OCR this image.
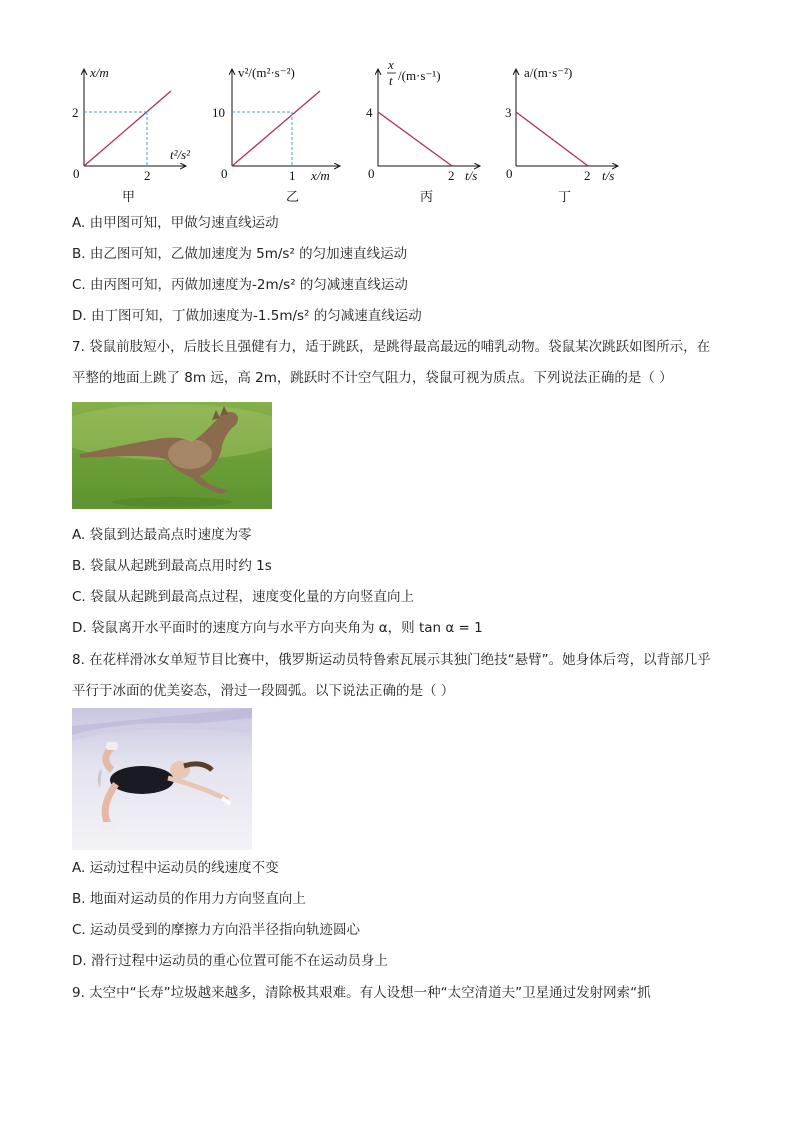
x/m
2
0	2
t²/s²
甲
v²/(m²·s⁻²)
10
0	1 x/m
乙
x
t /(m·s⁻¹)
4
0	2 t/s
丙
a/(m·s⁻²)
3
0	2 t/s
丁
A. 由甲图可知，甲做匀速直线运动
B. 由乙图可知，乙做加速度为 5m/s² 的匀加速直线运动
C. 由丙图可知，丙做加速度为-2m/s² 的匀减速直线运动
D. 由丁图可知，丁做加速度为-1.5m/s² 的匀减速直线运动
7. 袋鼠前肢短小，后肢长且强健有力，适于跳跃，是跳得最高最远的哺乳动物。袋鼠某次跳跃如图所示，在平整的地面上跳了 8m 远，高 2m，跳跃时不计空气阻力，袋鼠可视为质点。下列说法正确的是（ ）
A. 袋鼠到达最高点时速度为零
B. 袋鼠从起跳到最高点用时约 1s
C. 袋鼠从起跳到最高点过程，速度变化量的方向竖直向上
D. 袋鼠离开水平面时的速度方向与水平方向夹角为 α，则 tan α = 1
8. 在花样滑冰女单短节目比赛中，俄罗斯运动员特鲁索瓦展示其独门绝技“悬臂”。她身体后弯，以背部几乎平行于冰面的优美姿态，滑过一段圆弧。以下说法正确的是（ ）
A. 运动过程中运动员的线速度不变
B. 地面对运动员的作用力方向竖直向上
C. 运动员受到的摩擦力方向沿半径指向轨迹圆心
D. 滑行过程中运动员的重心位置可能不在运动员身上
9. 太空中“长寿”垃圾越来越多，清除极其艰难。有人设想一种“太空清道夫”卫星通过发射网索“抓
